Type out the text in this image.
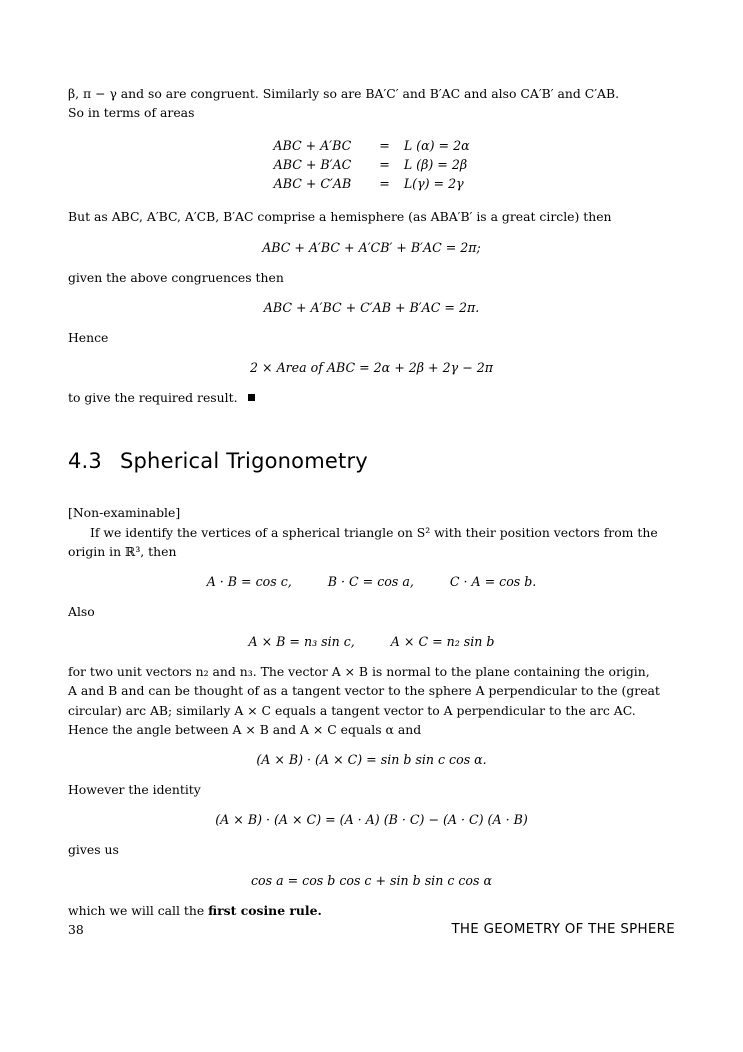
β, π − γ and so are congruent. Similarly so are BA′C′ and B′AC and also CA′B′ and C′AB.
So in terms of areas
ABC + A′BC	=	L (α) = 2α
ABC + B′AC	=	L (β) = 2β
ABC + C′AB	=	L(γ) = 2γ
But as ABC, A′BC, A′CB, B′AC comprise a hemisphere (as ABA′B′ is a great circle) then
ABC + A′BC + A′CB′ + B′AC = 2π;
given the above congruences then
ABC + A′BC + C′AB + B′AC = 2π.
Hence
2 × Area of ABC = 2α + 2β + 2γ − 2π
to give the required result.
4.3 Spherical Trigonometry
[Non-examinable]
If we identify the vertices of a spherical triangle on S² with their position vectors from the
origin in ℝ³, then
A · B = cos c,	B · C = cos a,	C · A = cos b.
Also
A × B = n₃ sin c,	A × C = n₂ sin b
for two unit vectors n₂ and n₃. The vector A × B is normal to the plane containing the origin,
A and B and can be thought of as a tangent vector to the sphere A perpendicular to the (great
circular) arc AB; similarly A × C equals a tangent vector to A perpendicular to the arc AC.
Hence the angle between A × B and A × C equals α and
(A × B) · (A × C) = sin b sin c cos α.
However the identity
(A × B) · (A × C) = (A · A) (B · C) − (A · C) (A · B)
gives us
cos a = cos b cos c + sin b sin c cos α
which we will call the first cosine rule.
38	THE GEOMETRY OF THE SPHERE
